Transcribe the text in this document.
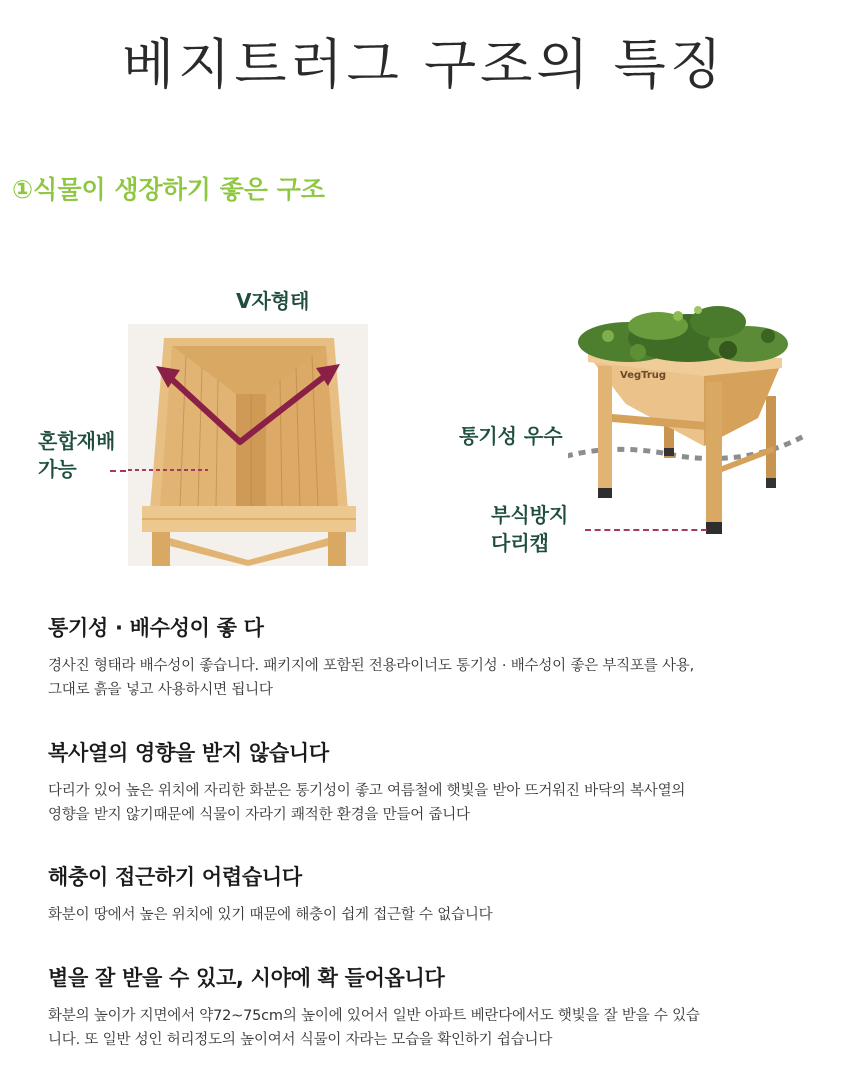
베지트러그 구조의 특징
①식물이 생장하기 좋은 구조
V자형태
혼합재배
가능
VegTrug
통기성 우수
부식방지
다리캡
통기성 · 배수성이 좋 다

경사진 형태라 배수성이 좋습니다. 패키지에 포함된 전용라이너도 통기성 · 배수성이 좋은 부직포를 사용,

그대로 흙을 넣고 사용하시면 됩니다

복사열의 영향을 받지 않습니다

다리가 있어 높은 위치에 자리한 화분은 통기성이 좋고 여름철에 햇빛을 받아 뜨거워진 바닥의 복사열의

영향을 받지 않기때문에 식물이 자라기 쾌적한 환경을 만들어 줍니다

해충이 접근하기 어렵습니다

화분이 땅에서 높은 위치에 있기 때문에 해충이 쉽게 접근할 수 없습니다

볕을 잘 받을 수 있고, 시야에 확 들어옵니다

화분의 높이가 지면에서 약72~75cm의 높이에 있어서 일반 아파트 베란다에서도 햇빛을 잘 받을 수 있습

니다. 또 일반 성인 허리정도의 높이여서 식물이 자라는 모습을 확인하기 쉽습니다
